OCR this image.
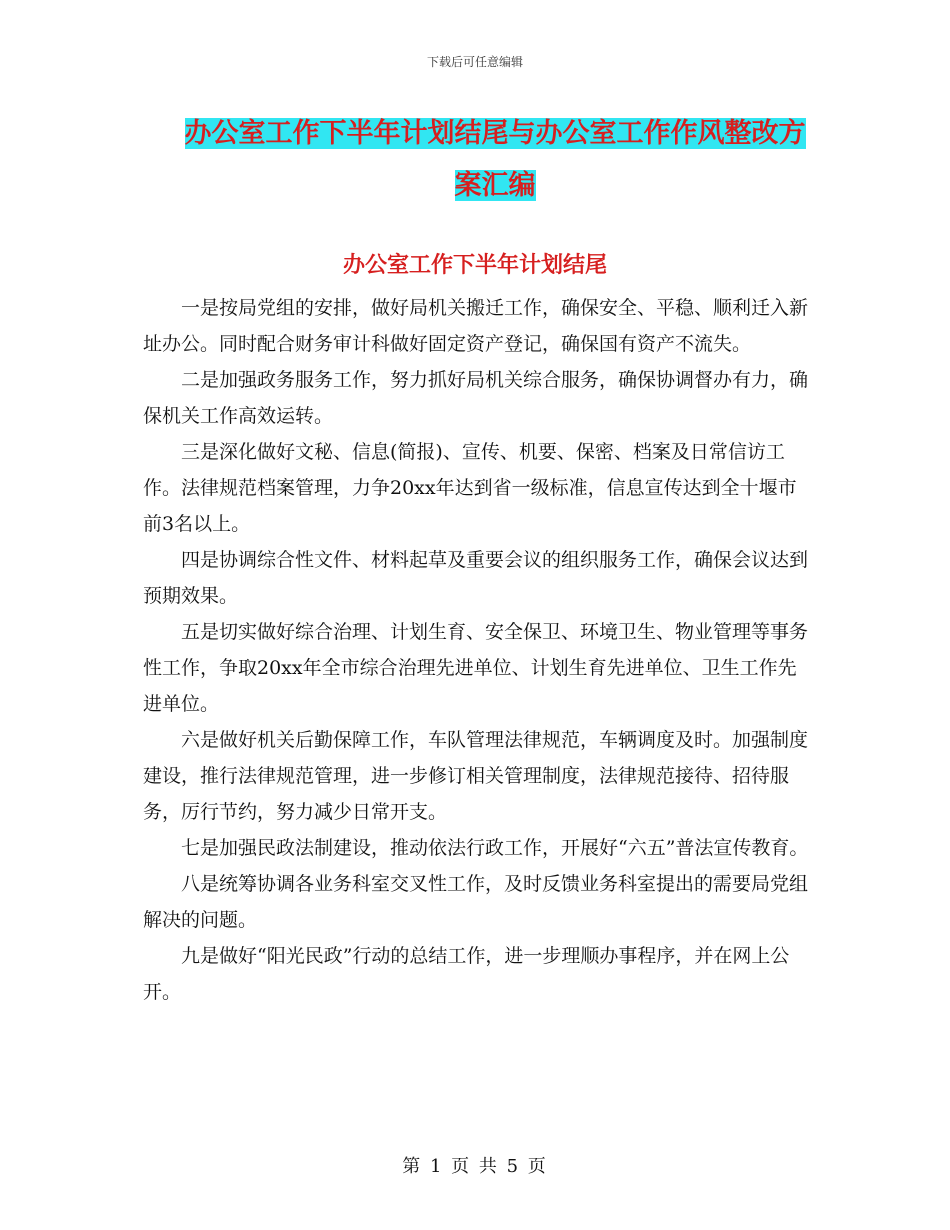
下载后可任意编辑
办公室工作下半年计划结尾与办公室工作作风整改方
案汇编
办公室工作下半年计划结尾

一是按局党组的安排，做好局机关搬迁工作，确保安全、平稳、顺利迁入新址办公。同时配合财务审计科做好固定资产登记，确保国有资产不流失。

二是加强政务服务工作，努力抓好局机关综合服务，确保协调督办有力，确保机关工作高效运转。

三是深化做好文秘、信息(简报)、宣传、机要、保密、档案及日常信访工作。法律规范档案管理，力争20xx年达到省一级标准，信息宣传达到全十堰市前3名以上。

四是协调综合性文件、材料起草及重要会议的组织服务工作，确保会议达到预期效果。

五是切实做好综合治理、计划生育、安全保卫、环境卫生、物业管理等事务性工作，争取20xx年全市综合治理先进单位、计划生育先进单位、卫生工作先进单位。

六是做好机关后勤保障工作，车队管理法律规范，车辆调度及时。加强制度建设，推行法律规范管理，进一步修订相关管理制度，法律规范接待、招待服务，厉行节约，努力减少日常开支。

七是加强民政法制建设，推动依法行政工作，开展好“六五”普法宣传教育。

八是统筹协调各业务科室交叉性工作，及时反馈业务科室提出的需要局党组解决的问题。

九是做好“阳光民政”行动的总结工作，进一步理顺办事程序，并在网上公开。

第 1 页 共 5 页
